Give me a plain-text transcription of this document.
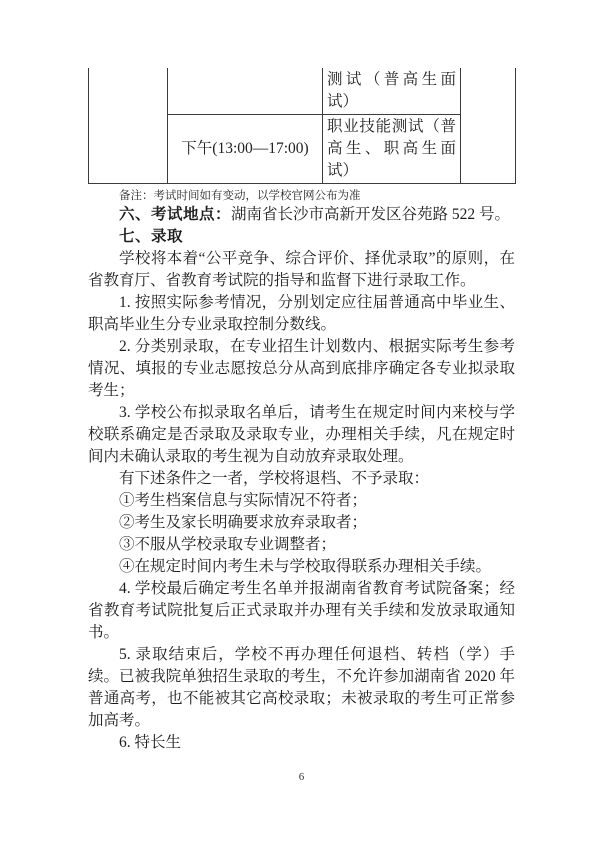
		测试（普高生面试）	
	下午(13:00—17:00)	职业技能测试（普高生、职高生面试）	

备注：考试时间如有变动，以学校官网公布为准

六、考试地点：湖南省长沙市高新开发区谷苑路 522 号。

七、录取

学校将本着“公平竞争、综合评价、择优录取”的原则，在省教育厅、省教育考试院的指导和监督下进行录取工作。

1. 按照实际参考情况，分别划定应往届普通高中毕业生、职高毕业生分专业录取控制分数线。

2. 分类别录取，在专业招生计划数内、根据实际考生参考情况、填报的专业志愿按总分从高到底排序确定各专业拟录取考生；

3. 学校公布拟录取名单后，请考生在规定时间内来校与学校联系确定是否录取及录取专业，办理相关手续，凡在规定时间内未确认录取的考生视为自动放弃录取处理。

有下述条件之一者，学校将退档、不予录取：

①考生档案信息与实际情况不符者；

②考生及家长明确要求放弃录取者；

③不服从学校录取专业调整者；

④在规定时间内考生未与学校取得联系办理相关手续。

4. 学校最后确定考生名单并报湖南省教育考试院备案；经省教育考试院批复后正式录取并办理有关手续和发放录取通知书。

5. 录取结束后，学校不再办理任何退档、转档（学）手续。已被我院单独招生录取的考生，不允许参加湖南省 2020 年普通高考，也不能被其它高校录取；未被录取的考生可正常参加高考。

6. 特长生

6
